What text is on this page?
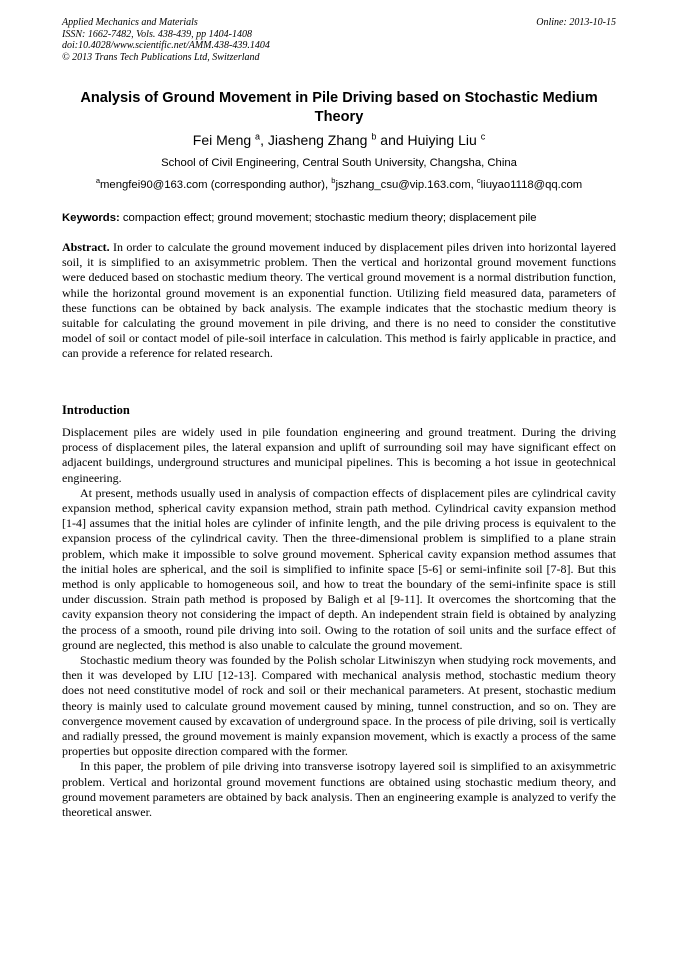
Applied Mechanics and Materials
ISSN: 1662-7482, Vols. 438-439, pp 1404-1408
doi:10.4028/www.scientific.net/AMM.438-439.1404
© 2013 Trans Tech Publications Ltd, Switzerland
Online: 2013-10-15
Analysis of Ground Movement in Pile Driving based on Stochastic Medium Theory
Fei Meng $^a$, Jiasheng Zhang $^b$ and Huiying Liu $^c$
School of Civil Engineering, Central South University, Changsha, China
$^a$mengfei90@163.com (corresponding author), $^b$jszhang_csu@vip.163.com, $^c$liuyao1118@qq.com
Keywords: compaction effect; ground movement; stochastic medium theory; displacement pile

Abstract. In order to calculate the ground movement induced by displacement piles driven into horizontal layered soil, it is simplified to an axisymmetric problem. Then the vertical and horizontal ground movement functions were deduced based on stochastic medium theory. The vertical ground movement is a normal distribution function, while the horizontal ground movement is an exponential function. Utilizing field measured data, parameters of these functions can be obtained by back analysis. The example indicates that the stochastic medium theory is suitable for calculating the ground movement in pile driving, and there is no need to consider the constitutive model of soil or contact model of pile-soil interface in calculation. This method is fairly applicable in practice, and can provide a reference for related research.

Introduction

Displacement piles are widely used in pile foundation engineering and ground treatment. During the driving process of displacement piles, the lateral expansion and uplift of surrounding soil may have significant effect on adjacent buildings, underground structures and municipal pipelines. This is becoming a hot issue in geotechnical engineering.

At present, methods usually used in analysis of compaction effects of displacement piles are cylindrical cavity expansion method, spherical cavity expansion method, strain path method. Cylindrical cavity expansion method [1-4] assumes that the initial holes are cylinder of infinite length, and the pile driving process is equivalent to the expansion process of the cylindrical cavity. Then the three-dimensional problem is simplified to a plane strain problem, which make it impossible to solve ground movement. Spherical cavity expansion method assumes that the initial holes are spherical, and the soil is simplified to infinite space [5-6] or semi-infinite soil [7-8]. But this method is only applicable to homogeneous soil, and how to treat the boundary of the semi-infinite space is still under discussion. Strain path method is proposed by Baligh et al [9-11]. It overcomes the shortcoming that the cavity expansion theory not considering the impact of depth. An independent strain field is obtained by analyzing the process of a smooth, round pile driving into soil. Owing to the rotation of soil units and the surface effect of ground are neglected, this method is also unable to calculate the ground movement.

Stochastic medium theory was founded by the Polish scholar Litwiniszyn when studying rock movements, and then it was developed by LIU [12-13]. Compared with mechanical analysis method, stochastic medium theory does not need constitutive model of rock and soil or their mechanical parameters. At present, stochastic medium theory is mainly used to calculate ground movement caused by mining, tunnel construction, and so on. They are convergence movement caused by excavation of underground space. In the process of pile driving, soil is vertically and radially pressed, the ground movement is mainly expansion movement, which is exactly a process of the same properties but opposite direction compared with the former.

In this paper, the problem of pile driving into transverse isotropy layered soil is simplified to an axisymmetric problem. Vertical and horizontal ground movement functions are obtained using stochastic medium theory, and ground movement parameters are obtained by back analysis. Then an engineering example is analyzed to verify the theoretical answer.
